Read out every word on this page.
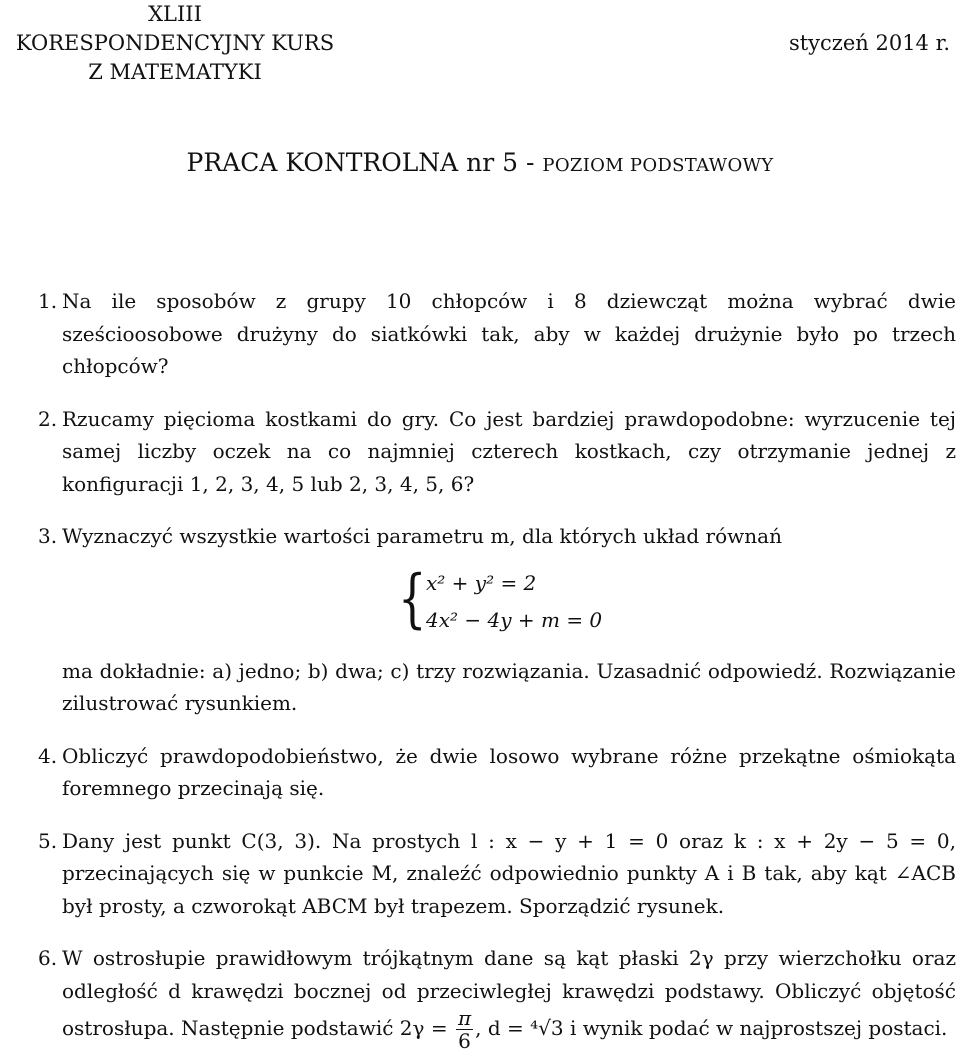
XLIII
KORESPONDENCYJNY KURS
Z MATEMATYKI
styczeń 2014 r.
PRACA KONTROLNA nr 5 - POZIOM PODSTAWOWY
1. Na ile sposobów z grupy 10 chłopców i 8 dziewcząt można wybrać dwie sześcioosobowe drużyny do siatkówki tak, aby w każdej drużynie było po trzech chłopców?
2. Rzucamy pięcioma kostkami do gry. Co jest bardziej prawdopodobne: wyrzucenie tej samej liczby oczek na co najmniej czterech kostkach, czy otrzymanie jednej z konfiguracji 1, 2, 3, 4, 5 lub 2, 3, 4, 5, 6?
3. Wyznaczyć wszystkie wartości parametru m, dla których układ równań
{ x² + y² = 2
4x² − 4y + m = 0
ma dokładnie: a) jedno; b) dwa; c) trzy rozwiązania. Uzasadnić odpowiedź. Rozwiązanie zilustrować rysunkiem.
4. Obliczyć prawdopodobieństwo, że dwie losowo wybrane różne przekątne ośmiokąta foremnego przecinają się.
5. Dany jest punkt C(3, 3). Na prostych l : x − y + 1 = 0 oraz k : x + 2y − 5 = 0, przecinających się w punkcie M, znaleźć odpowiednio punkty A i B tak, aby kąt ∠ACB był prosty, a czworokąt ABCM był trapezem. Sporządzić rysunek.
6. W ostrosłupie prawidłowym trójkątnym dane są kąt płaski 2γ przy wierzchołku oraz odległość d krawędzi bocznej od przeciwległej krawędzi podstawy. Obliczyć objętość ostrosłupa. Następnie podstawić $2\gamma = \frac{\pi}{6}$ , d = ⁴√3 i wynik podać w najprostszej postaci.
